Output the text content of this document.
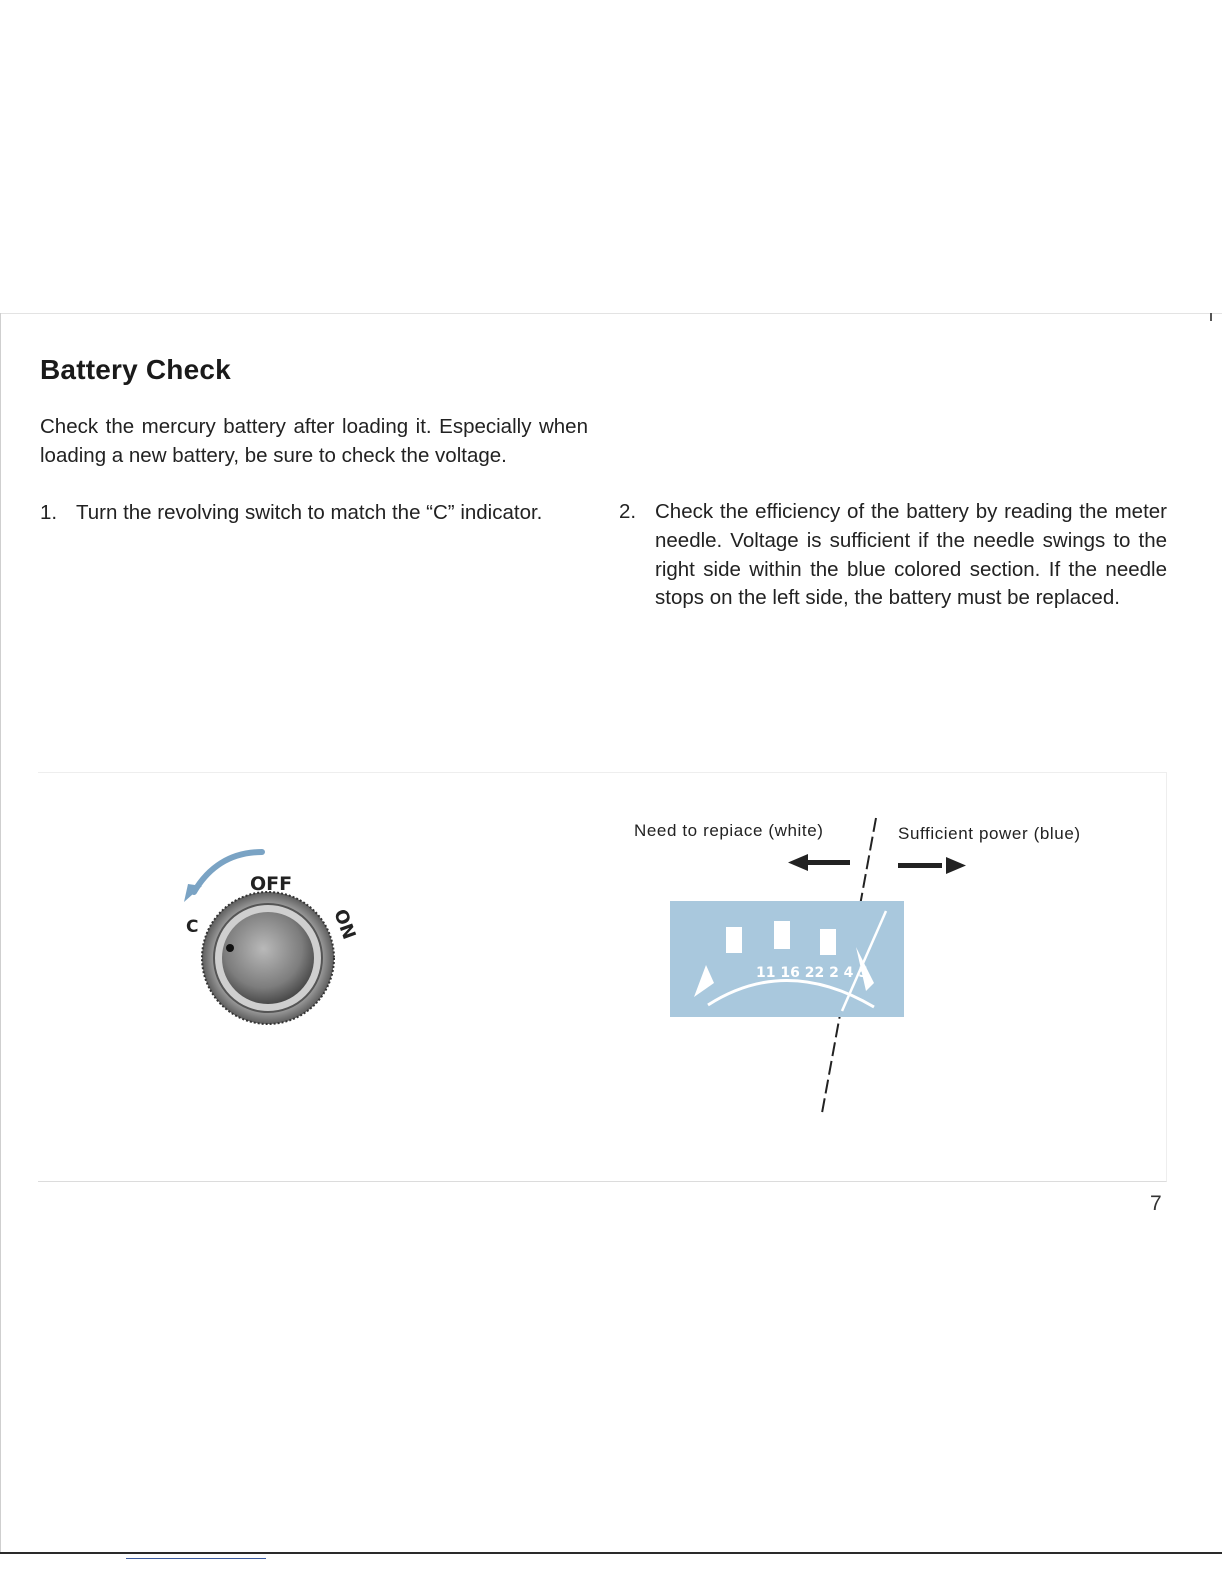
Battery Check

Check the mercury battery after loading it. Especially when loading a new battery, be sure to check the voltage.

1. Turn the revolving switch to match the “C” indicator.	2. Check the efficiency of the battery by reading the meter needle. Voltage is sufficient if the needle swings to the right side within the blue colored section. If the needle stops on the left side, the battery must be replaced.
OFF
C	ON
Need to repiace (white)	Sufficient power (blue)
11 16 22 2 4 5
7
